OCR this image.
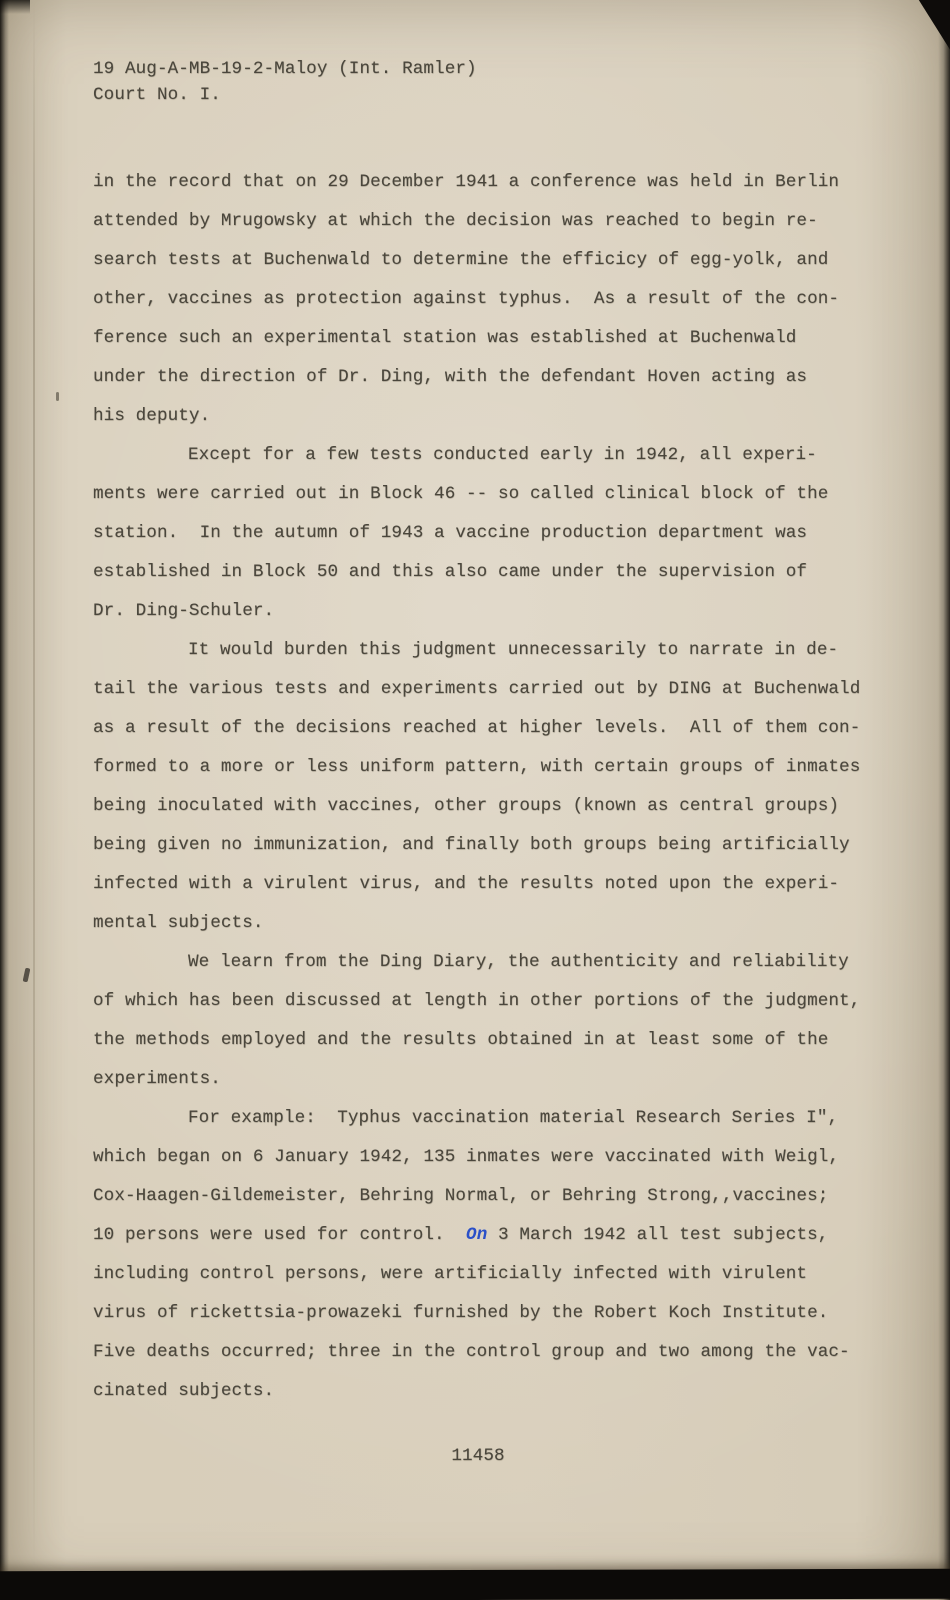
19 Aug-A-MB-19-2-Maloy (Int. Ramler)
Court No. I.
in the record that on 29 December 1941 a conference was held in Berlin
attended by Mrugowsky at which the decision was reached to begin re-
search tests at Buchenwald to determine the efficicy of egg-yolk, and
other, vaccines as protection against typhus.  As a result of the con-
ference such an experimental station was established at Buchenwald
under the direction of Dr. Ding, with the defendant Hoven acting as
his deputy.
Except for a few tests conducted early in 1942, all experi-
ments were carried out in Block 46 -- so called clinical block of the
station.  In the autumn of 1943 a vaccine production department was
established in Block 50 and this also came under the supervision of
Dr. Ding-Schuler.
It would burden this judgment unnecessarily to narrate in de-
tail the various tests and experiments carried out by DING at Buchenwald
as a result of the decisions reached at higher levels.  All of them con-
formed to a more or less uniform pattern, with certain groups of inmates
being inoculated with vaccines, other groups (known as central groups)
being given no immunization, and finally both groups being artificially
infected with a virulent virus, and the results noted upon the experi-
mental subjects.
We learn from the Ding Diary, the authenticity and reliability
of which has been discussed at length in other portions of the judgment,
the methods employed and the results obtained in at least some of the
experiments.
For example:  Typhus vaccination material Research Series I",
which began on 6 January 1942, 135 inmates were vaccinated with Weigl,
Cox-Haagen-Gildemeister, Behring Normal, or Behring Strong,,vaccines;
10 persons were used for control.  On 3 March 1942 all test subjects,
including control persons, were artificially infected with virulent
virus of rickettsia-prowazeki furnished by the Robert Koch Institute.
Five deaths occurred; three in the control group and two among the vac-
cinated subjects.
11458
